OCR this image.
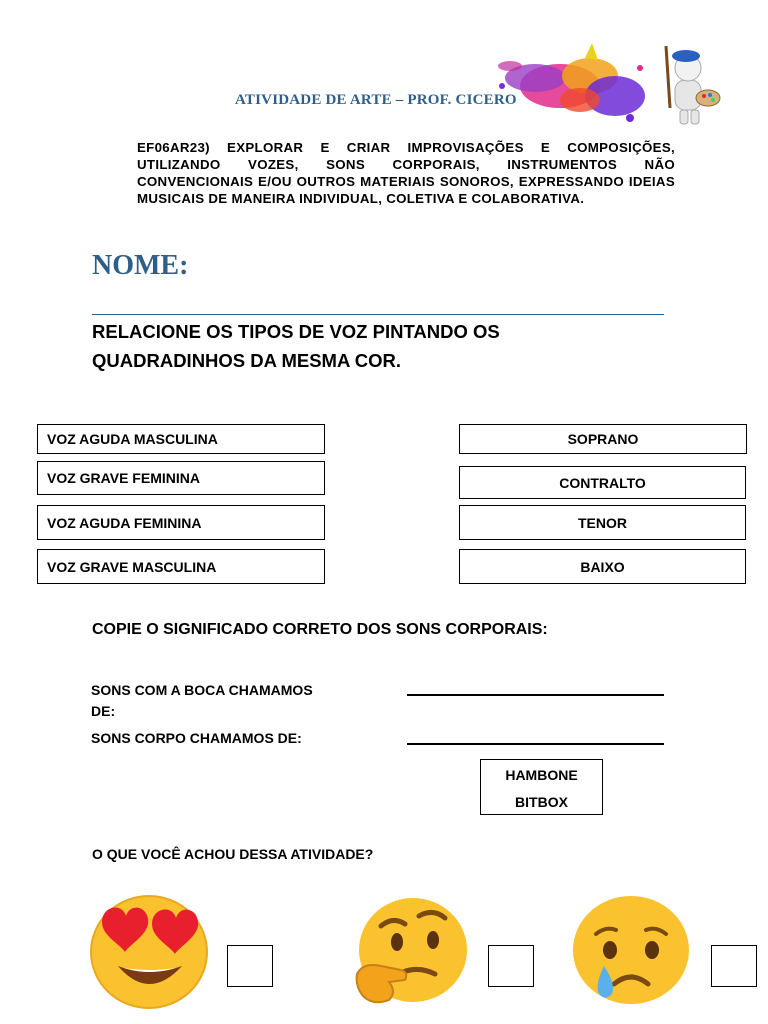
ATIVIDADE DE ARTE – PROF. CICERO
EF06AR23) EXPLORAR E CRIAR IMPROVISAÇÕES E COMPOSIÇÕES, UTILIZANDO VOZES, SONS CORPORAIS, INSTRUMENTOS NÃO CONVENCIONAIS E/OU OUTROS MATERIAIS SONOROS, EXPRESSANDO IDEIAS MUSICAIS DE MANEIRA INDIVIDUAL, COLETIVA E COLABORATIVA.
NOME:
RELACIONE OS TIPOS DE VOZ PINTANDO OS
QUADRADINHOS DA MESMA COR.
VOZ AGUDA MASCULINA
VOZ GRAVE FEMININA
VOZ AGUDA FEMININA
VOZ GRAVE MASCULINA
SOPRANO
CONTRALTO
TENOR
BAIXO
COPIE O SIGNIFICADO CORRETO DOS SONS CORPORAIS:
SONS COM A BOCA CHAMAMOS
DE:
SONS CORPO CHAMAMOS DE:
HAMBONE
BITBOX
O QUE VOCÊ ACHOU DESSA ATIVIDADE?
